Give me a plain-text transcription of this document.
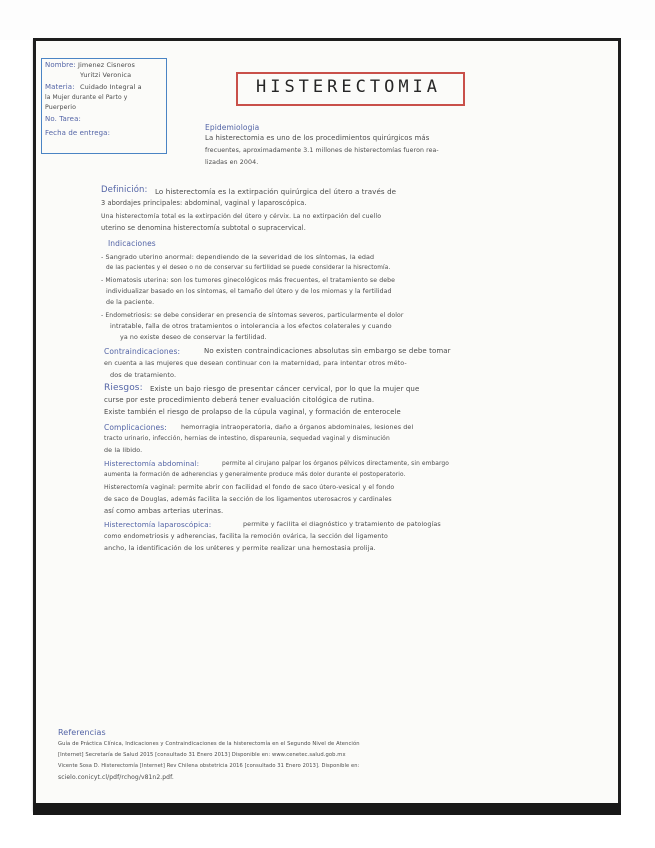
Nombre: Jimenez Cisneros
Yuritzi Veronica
Materia: Cuidado Integral a
la Mujer durante el Parto y
Puerperio
No. Tarea:
Fecha de entrega:
HISTERECTOMIA
Epidemiologia
La histerectomia es uno de los procedimientos quirúrgicos más
frecuentes, aproximadamente 3.1 millones de histerectomías fueron rea-
lizadas en 2004.
Definición: Lo histerectomía es la extirpación quirúrgica del útero a través de
3 abordajes principales: abdominal, vaginal y laparoscópica.
Una histerectomía total es la extirpación del útero y cérvix. La no extirpación del cuello
uterino se denomina histerectomía subtotal o supracervical.
Indicaciones
- Sangrado uterino anormal: dependiendo de la severidad de los síntomas, la edad
de las pacientes y el deseo o no de conservar su fertilidad se puede considerar la hisrectomía.
- Miomatosis uterina: son los tumores ginecológicos más frecuentes, el tratamiento se debe
individualizar basado en los síntomas, el tamaño del útero y de los miomas y la fertilidad
de la paciente.
- Endometriosis: se debe considerar en presencia de síntomas severos, particularmente el dolor
intratable, falla de otros tratamientos o intolerancia a los efectos colaterales y cuando
ya no existe deseo de conservar la fertilidad.
Contraindicaciones:	No existen contraindicaciones absolutas sin embargo se debe tomar
en cuenta a las mujeres que desean continuar con la maternidad, para intentar otros méto-
dos de tratamiento.
Riesgos: Existe un bajo riesgo de presentar cáncer cervical, por lo que la mujer que
curse por este procedimiento deberá tener evaluación citológica de rutina.
Existe también el riesgo de prolapso de la cúpula vaginal, y formación de enterocele
Complicaciones: hemorragia intraoperatoria, daño a órganos abdominales, lesiones del
tracto urinario, infección, hernias de intestino, dispareunia, sequedad vaginal y disminución
de la libido.
Histerectomía abdominal:	permite al cirujano palpar los órganos pélvicos directamente, sin embargo
aumenta la formación de adherencias y generalmente produce más dolor durante el postoperatorio.
Histerectomía vaginal: permite abrir con facilidad el fondo de saco útero-vesical y el fondo
de saco de Douglas, además facilita la sección de los ligamentos uterosacros y cardinales
así como ambas arterias uterinas.
Histerectomía laparoscópica:	permite y facilita el diagnóstico y tratamiento de patologías
como endometriosis y adherencias, facilita la remoción ovárica, la sección del ligamento
ancho, la identificación de los uréteres y permite realizar una hemostasia prolija.
Referencias
Guía de Práctica Clínica, Indicaciones y Contraindicaciones de la histerectomía en el Segundo Nivel de Atención
[Internet] Secretaría de Salud 2015 [consultado 31 Enero 2013] Disponible en: www.cenetec.salud.gob.mx
Vicente Sosa D. Histerectomía [Internet] Rev Chilena obstetricia 2016 [consultado 31 Enero 2013]. Disponible en:
scielo.conicyt.cl/pdf/rchog/v81n2.pdf.
